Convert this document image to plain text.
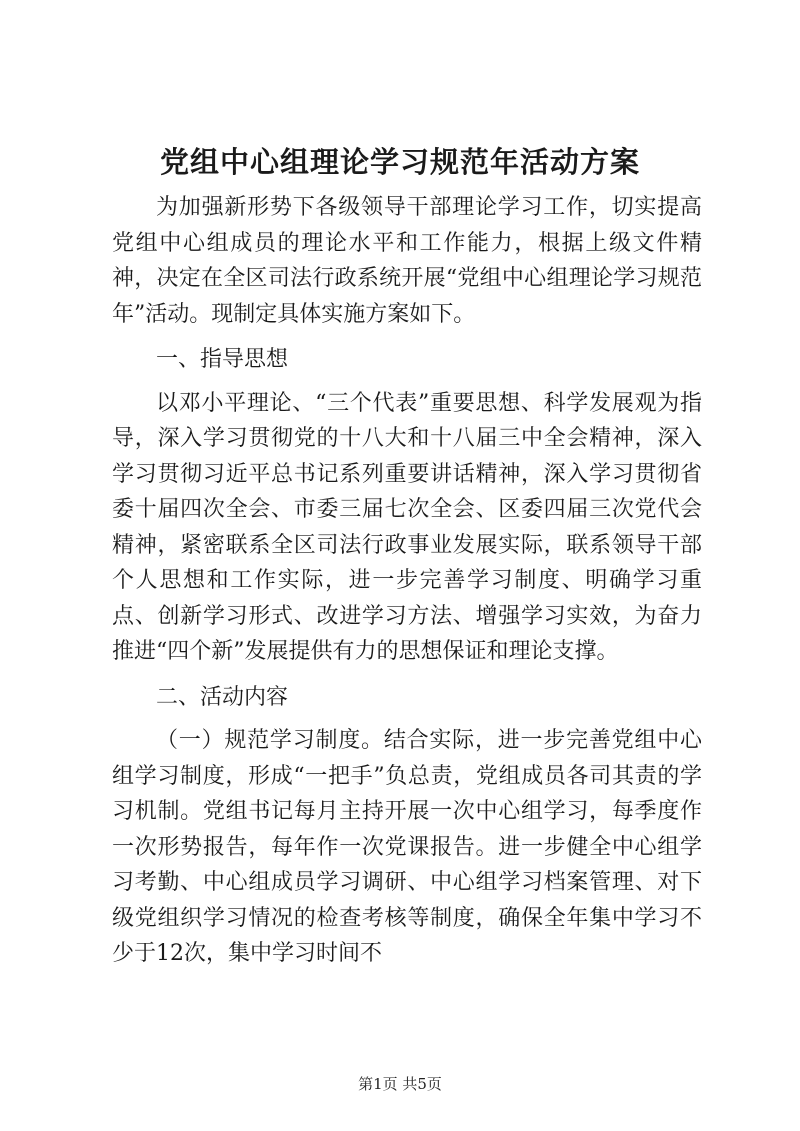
党组中心组理论学习规范年活动方案

为加强新形势下各级领导干部理论学习工作，切实提高党组中心组成员的理论水平和工作能力，根据上级文件精神，决定在全区司法行政系统开展“党组中心组理论学习规范年”活动。现制定具体实施方案如下。

一、指导思想

以邓小平理论、“三个代表”重要思想、科学发展观为指导，深入学习贯彻党的十八大和十八届三中全会精神，深入学习贯彻习近平总书记系列重要讲话精神，深入学习贯彻省委十届四次全会、市委三届七次全会、区委四届三次党代会精神，紧密联系全区司法行政事业发展实际，联系领导干部个人思想和工作实际，进一步完善学习制度、明确学习重点、创新学习形式、改进学习方法、增强学习实效，为奋力推进“四个新”发展提供有力的思想保证和理论支撑。

二、活动内容

（一）规范学习制度。结合实际，进一步完善党组中心组学习制度，形成“一把手”负总责，党组成员各司其责的学习机制。党组书记每月主持开展一次中心组学习，每季度作一次形势报告，每年作一次党课报告。进一步健全中心组学习考勤、中心组成员学习调研、中心组学习档案管理、对下级党组织学习情况的检查考核等制度，确保全年集中学习不少于12次，集中学习时间不

第1页 共5页
